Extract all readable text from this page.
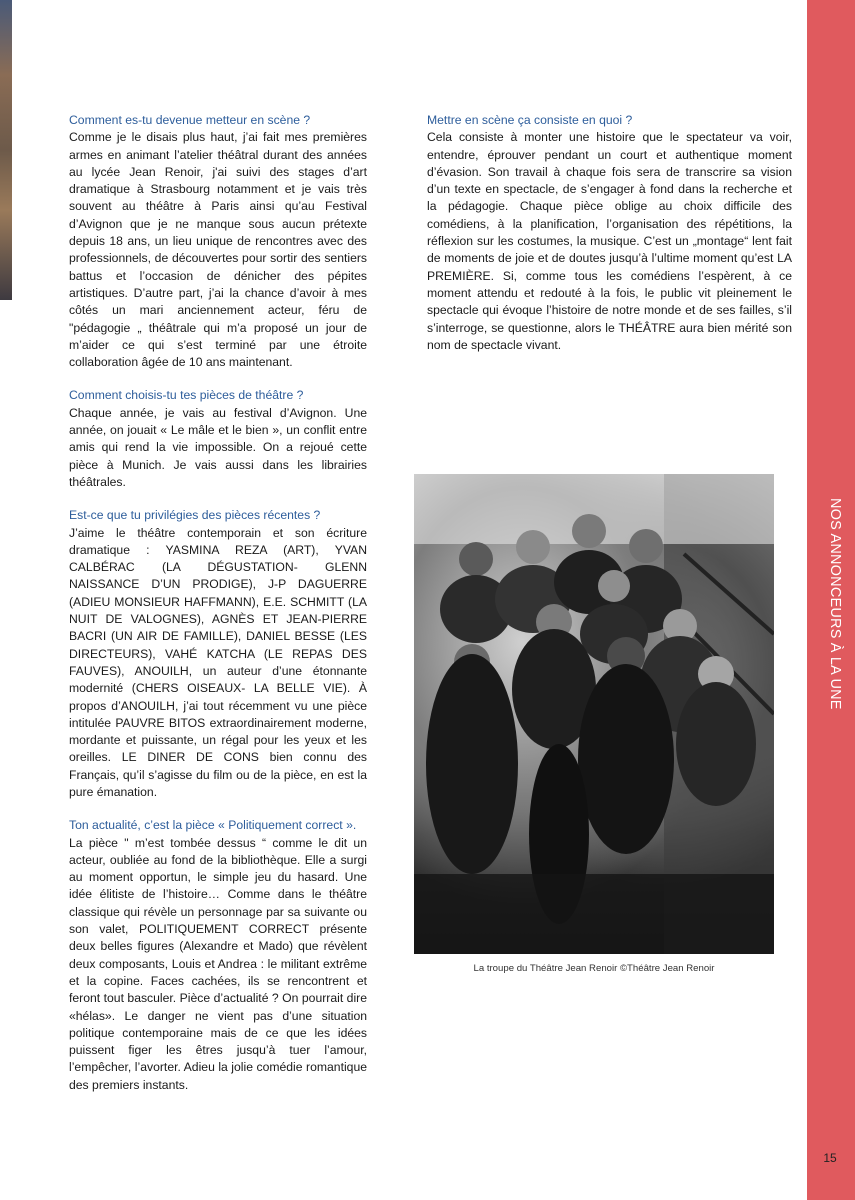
NOS ANNONCEURS À LA UNE

Comment es-tu devenue metteur en scène ?

Comme je le disais plus haut, j’ai fait mes premières armes en animant l’atelier théâtral durant des années au lycée Jean Renoir, j'ai suivi des stages d’art dramatique à Strasbourg notamment et je vais très souvent au théâtre à Paris ainsi qu’au Festival d’Avignon que je ne manque sous aucun prétexte depuis 18 ans, un lieu unique de rencontres avec des professionnels, de découvertes pour sortir des sentiers battus et l’occasion de dénicher des pépites artistiques. D’autre part, j’ai la chance d’avoir à mes côtés un mari anciennement acteur, féru de "pédagogie „ théâtrale qui m’a proposé un jour de m’aider ce qui s’est terminé par une étroite collaboration âgée de 10 ans maintenant.

Comment choisis-tu tes pièces de théâtre ?

Chaque année, je vais au festival d’Avignon. Une année, on jouait « Le mâle et le bien », un conflit entre amis qui rend la vie impossible. On a rejoué cette pièce à Munich. Je vais aussi dans les librairies théâtrales.

Est-ce que tu privilégies des pièces récentes ?

J’aime le théâtre contemporain et son écriture dramatique : YASMINA REZA (ART), YVAN CALBÉRAC (LA DÉGUSTATION- GLENN NAISSANCE D’UN PRODIGE), J-P DAGUERRE (ADIEU MONSIEUR HAFFMANN), E.E. SCHMITT (LA NUIT DE VALOGNES), AGNÈS ET JEAN-PIERRE BACRI (UN AIR DE FAMILLE), DANIEL BESSE (LES DIRECTEURS), VAHÉ KATCHA (LE REPAS DES FAUVES), ANOUILH, un auteur d’une étonnante modernité (CHERS OISEAUX- LA BELLE VIE). À propos d’ANOUILH, j’ai tout récemment vu une pièce intitulée PAUVRE BITOS extraordinairement moderne, mordante et puissante, un régal pour les yeux et les oreilles. LE DINER DE CONS bien connu des Français, qu’il s’agisse du film ou de la pièce, en est la pure émanation.

Ton actualité, c’est la pièce « Politiquement correct ».

La pièce " m’est tombée dessus “ comme le dit un acteur, oubliée au fond de la bibliothèque. Elle a surgi au moment opportun, le simple jeu du hasard. Une idée élitiste de l’histoire… Comme dans le théâtre classique qui révèle un personnage par sa suivante ou son valet, POLITIQUEMENT CORRECT présente deux belles figures (Alexandre et Mado) que révèlent deux composants, Louis et Andrea : le militant extrême et la copine. Faces cachées, ils se rencontrent et feront tout basculer. Pièce d’actualité ? On pourrait dire «hélas». Le danger ne vient pas d’une situation politique contemporaine mais de ce que les idées puissent figer les êtres jusqu’à tuer l’amour, l’empêcher, l’avorter. Adieu la jolie comédie romantique des premiers instants.

Mettre en scène ça consiste en quoi ?

Cela consiste à monter une histoire que le spectateur va voir, entendre, éprouver pendant un court et authentique moment d’évasion. Son travail à chaque fois sera de transcrire sa vision d’un texte en spectacle, de s’engager à fond dans la recherche et la pédagogie. Chaque pièce oblige au choix difficile des comédiens, à la planification, l’organisation des répétitions, la réflexion sur les costumes, la musique. C’est un „montage“ lent fait de moments de joie et de doutes jusqu’à l’ultime moment qu’est LA PREMIÈRE. Si, comme tous les comédiens l’espèrent, à ce moment attendu et redouté à la fois, le public vit pleinement le spectacle qui évoque l’histoire de notre monde et de ses failles, s’il s’interroge, se questionne, alors le THÉÂTRE aura bien mérité son nom de spectacle vivant.

La troupe du Théâtre Jean Renoir ©Théâtre Jean Renoir
15
